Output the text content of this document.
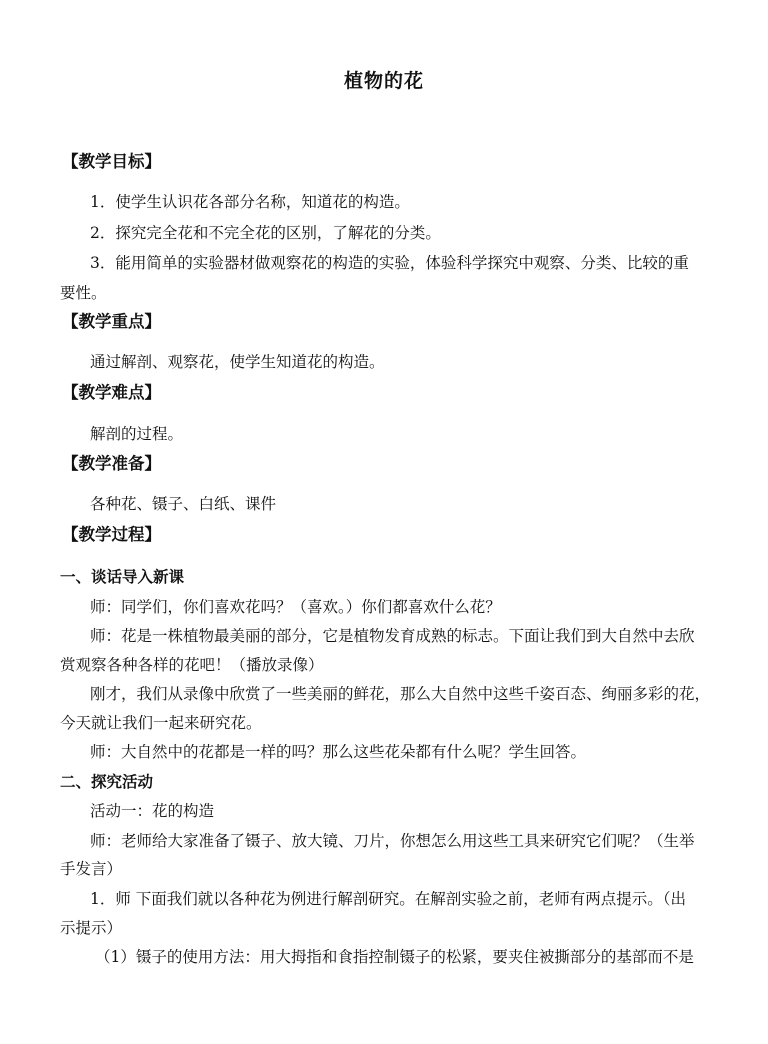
植物的花
【教学目标】
1．使学生认识花各部分名称，知道花的构造。
2．探究完全花和不完全花的区别，了解花的分类。
3．能用简单的实验器材做观察花的构造的实验，体验科学探究中观察、分类、比较的重
要性。
【教学重点】
通过解剖、观察花，使学生知道花的构造。
【教学难点】
解剖的过程。
【教学准备】
各种花、镊子、白纸、课件
【教学过程】
一、谈话导入新课
师：同学们，你们喜欢花吗？（喜欢。）你们都喜欢什么花？
师：花是一株植物最美丽的部分，它是植物发育成熟的标志。下面让我们到大自然中去欣
赏观察各种各样的花吧！（播放录像）
刚才，我们从录像中欣赏了一些美丽的鲜花，那么大自然中这些千姿百态、绚丽多彩的花，
今天就让我们一起来研究花。
师：大自然中的花都是一样的吗？那么这些花朵都有什么呢？学生回答。
二、探究活动
活动一：花的构造
师：老师给大家准备了镊子、放大镜、刀片，你想怎么用这些工具来研究它们呢？（生举
手发言）
1．师 下面我们就以各种花为例进行解剖研究。在解剖实验之前，老师有两点提示。（出
示提示）
（1）镊子的使用方法：用大拇指和食指控制镊子的松紧，要夹住被撕部分的基部而不是
